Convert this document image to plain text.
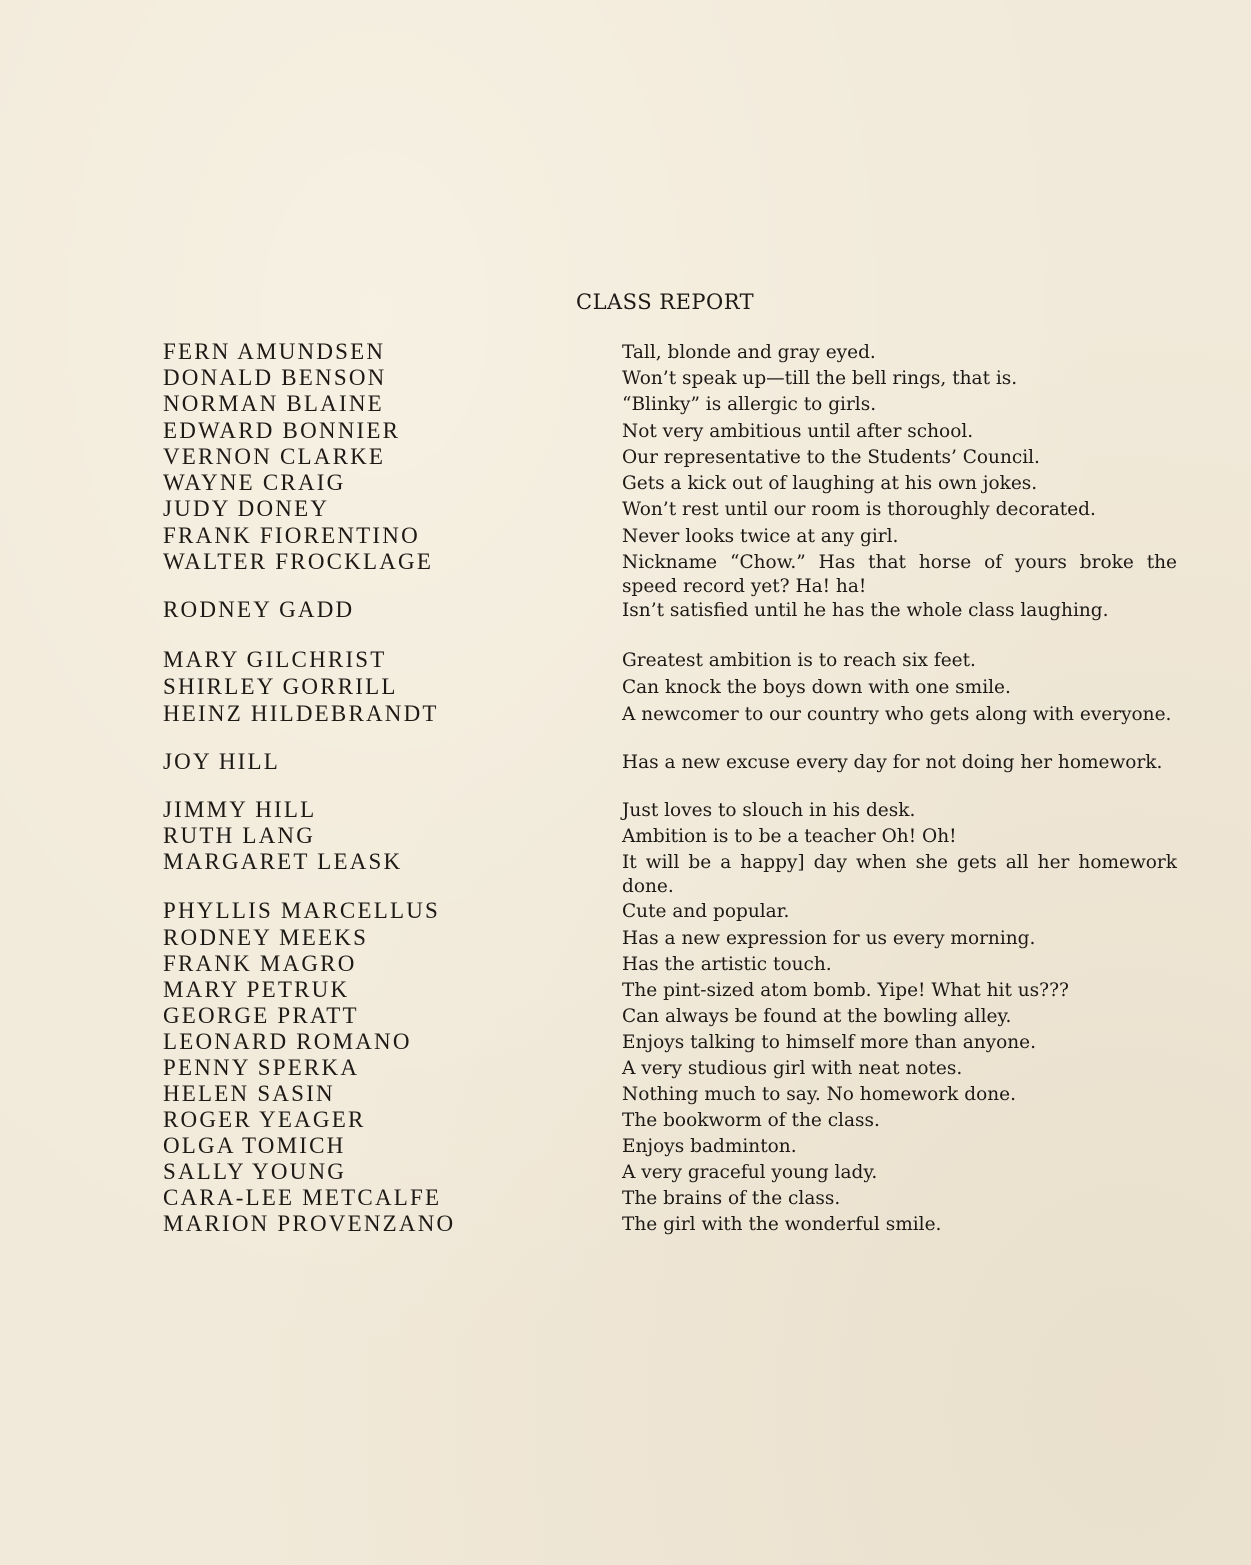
CLASS REPORT
FERN AMUNDSEN	Tall, blonde and gray eyed.
DONALD BENSON	Won’t speak up—till the bell rings, that is.
NORMAN BLAINE	“Blinky” is allergic to girls.
EDWARD BONNIER	Not very ambitious until after school.
VERNON CLARKE	Our representative to the Students’ Council.
WAYNE CRAIG	Gets a kick out of laughing at his own jokes.
JUDY DONEY	Won’t rest until our room is thoroughly decorated.
FRANK FIORENTINO	Never looks twice at any girl.
WALTER FROCKLAGE	Nickname “Chow.” Has that horse of yours broke the speed record yet? Ha! ha!
RODNEY GADD	Isn’t satisfied until he has the whole class laughing.
MARY GILCHRIST	Greatest ambition is to reach six feet.
SHIRLEY GORRILL	Can knock the boys down with one smile.
HEINZ HILDEBRANDT	A newcomer to our country who gets along with everyone.
JOY HILL	Has a new excuse every day for not doing her homework.
JIMMY HILL	Just loves to slouch in his desk.
RUTH LANG	Ambition is to be a teacher Oh! Oh!
MARGARET LEASK	It will be a happy] day when she gets all her homework done.
PHYLLIS MARCELLUS	Cute and popular.
RODNEY MEEKS	Has a new expression for us every morning.
FRANK MAGRO	Has the artistic touch.
MARY PETRUK	The pint-sized atom bomb. Yipe! What hit us???
GEORGE PRATT	Can always be found at the bowling alley.
LEONARD ROMANO	Enjoys talking to himself more than anyone.
PENNY SPERKA	A very studious girl with neat notes.
HELEN SASIN	Nothing much to say. No homework done.
ROGER YEAGER	The bookworm of the class.
OLGA TOMICH	Enjoys badminton.
SALLY YOUNG	A very graceful young lady.
CARA-LEE METCALFE	The brains of the class.
MARION PROVENZANO	The girl with the wonderful smile.
